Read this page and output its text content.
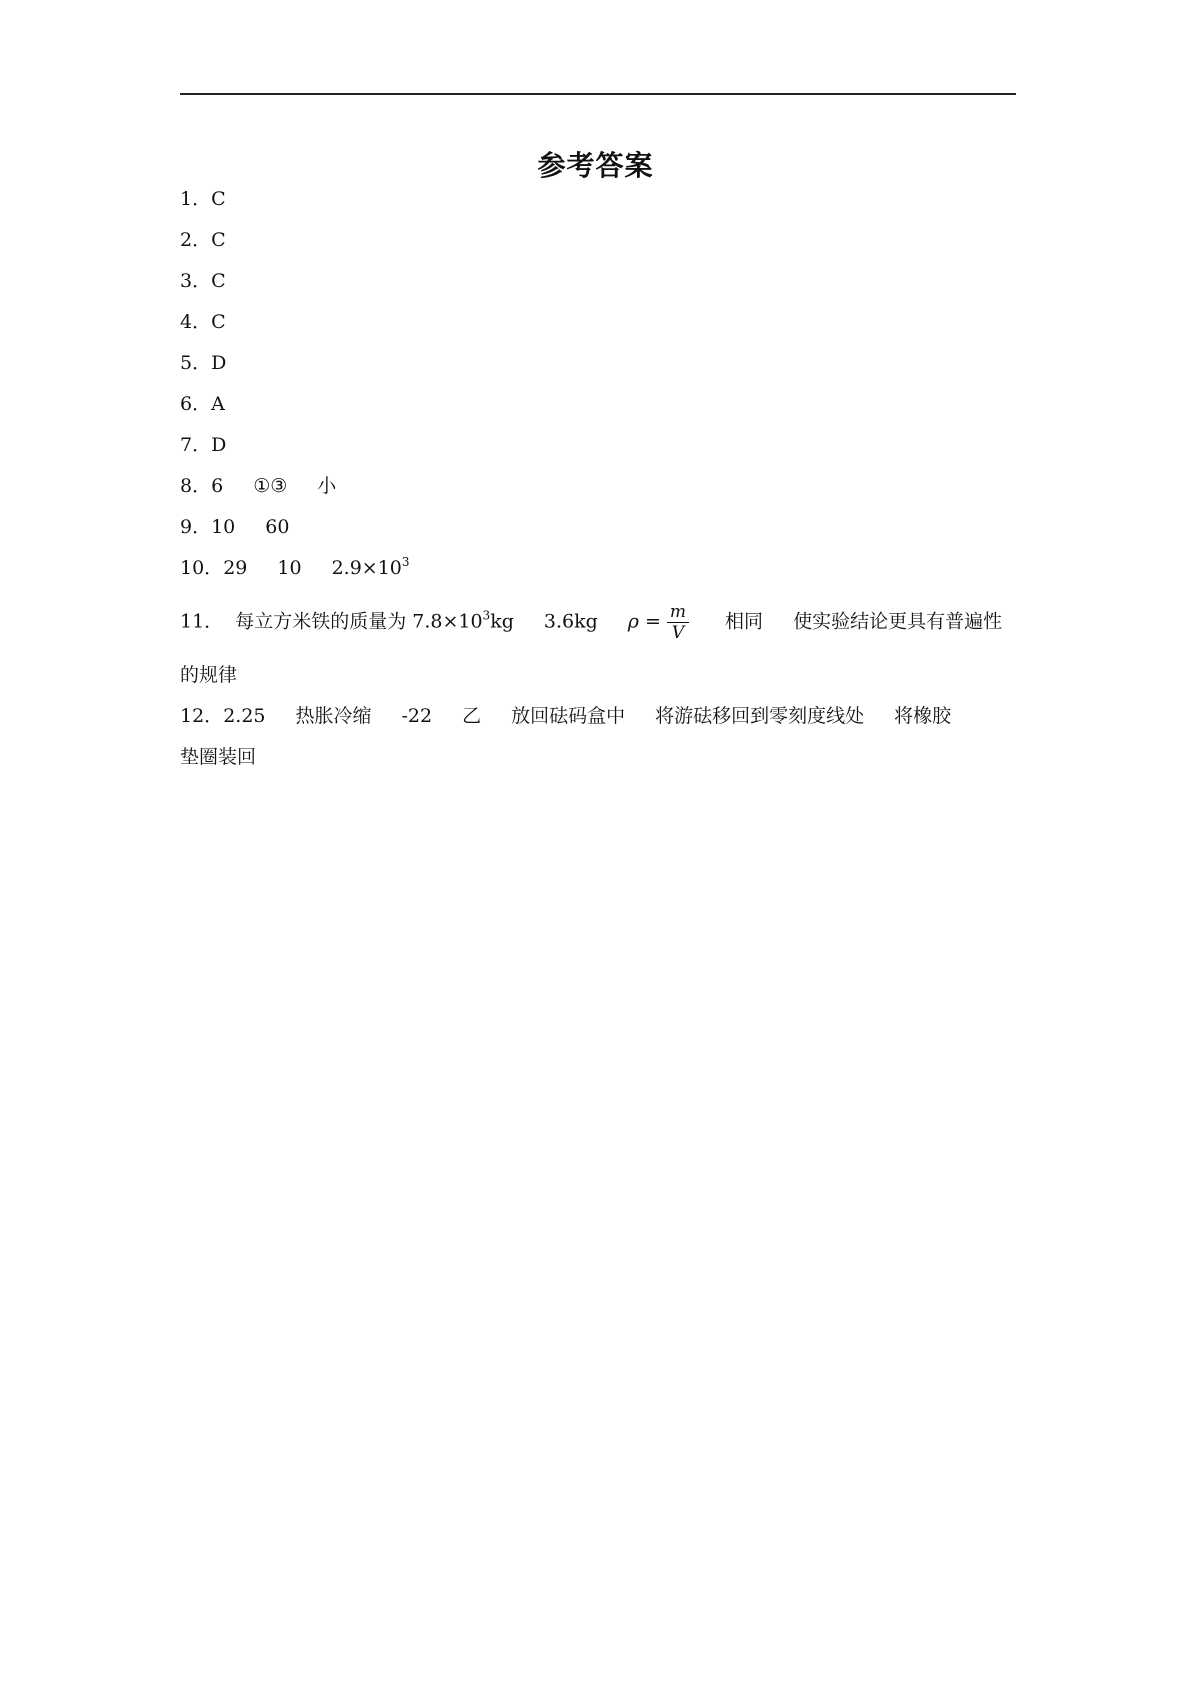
参考答案
1．C
2．C
3．C
4．C
5．D
6．A
7．D
8．6 ①③ 小
9．10 60
10．29 10 $2.9\times 10^3$
11． 每立方米铁的质量为 $7.8\times 10^3kg$ 3.6kg $\rho = \frac{m}{V}$ 相同 使实验结论更具有普遍性
的规律
12．2.25 热胀冷缩 -22 乙 放回砝码盒中 将游砝移回到零刻度线处 将橡胶
垫圈装回
